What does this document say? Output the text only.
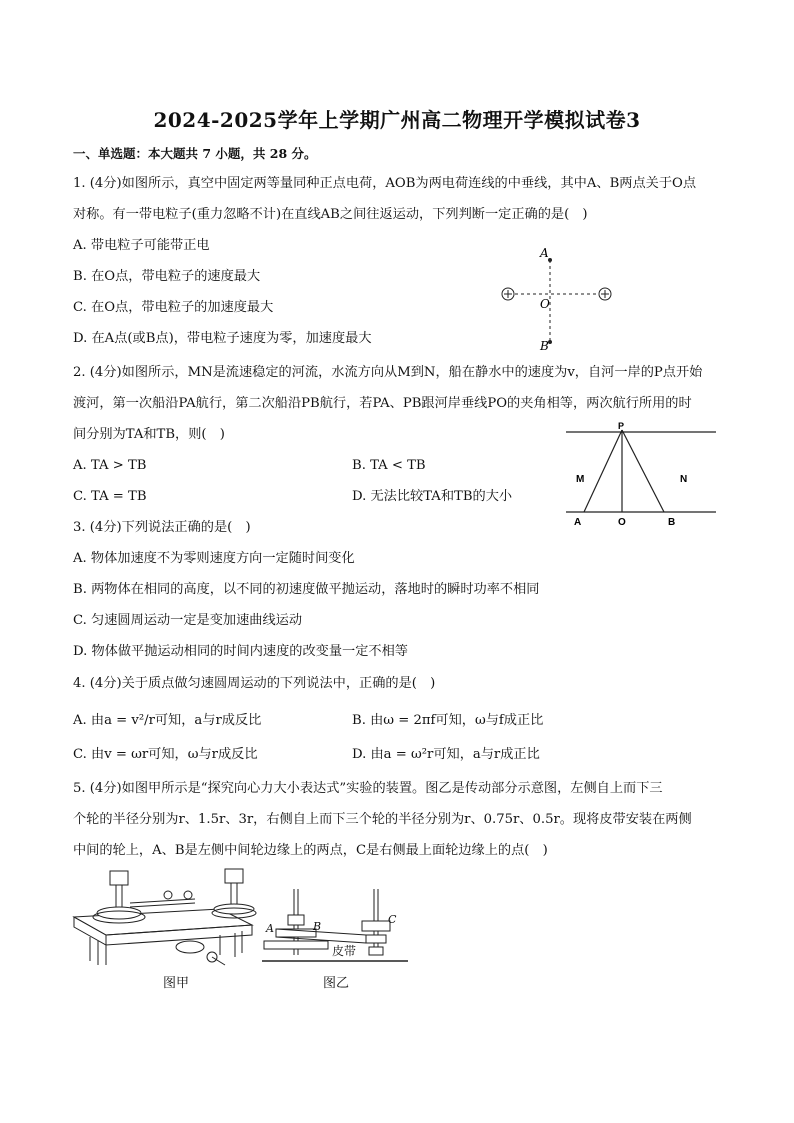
2024-2025学年上学期广州高二物理开学模拟试卷3
一、单选题：本大题共 7 小题，共 28 分。
1. (4分)如图所示，真空中固定两等量同种正点电荷，AOB为两电荷连线的中垂线，其中A、B两点关于O点
对称。有一带电粒子(重力忽略不计)在直线AB之间往返运动，下列判断一定正确的是(　)
A. 带电粒子可能带正电
B. 在O点，带电粒子的速度最大
C. 在O点，带电粒子的加速度最大
D. 在A点(或B点)，带电粒子速度为零，加速度最大
A
O
B
2. (4分)如图所示，MN是流速稳定的河流，水流方向从M到N，船在静水中的速度为v，自河一岸的P点开始
渡河，第一次船沿PA航行，第二次船沿PB航行，若PA、PB跟河岸垂线PO的夹角相等，两次航行所用的时
间分别为TA和TB，则(　)
A. TA > TB	B. TA < TB
C. TA = TB	D. 无法比较TA和TB的大小
P
M	N
A	O	B
3. (4分)下列说法正确的是(　)
A. 物体加速度不为零则速度方向一定随时间变化
B. 两物体在相同的高度，以不同的初速度做平抛运动，落地时的瞬时功率不相同
C. 匀速圆周运动一定是变加速曲线运动
D. 物体做平抛运动相同的时间内速度的改变量一定不相等
4. (4分)关于质点做匀速圆周运动的下列说法中，正确的是(　)
A. 由a = v²/r可知，a与r成反比	B. 由ω = 2πf可知，ω与f成正比
C. 由v = ωr可知，ω与r成反比	D. 由a = ω²r可知，a与r成正比
5. (4分)如图甲所示是“探究向心力大小表达式”实验的装置。图乙是传动部分示意图，左侧自上而下三
个轮的半径分别为r、1.5r、3r，右侧自上而下三个轮的半径分别为r、0.75r、0.5r。现将皮带安装在两侧
中间的轮上，A、B是左侧中间轮边缘上的两点，C是右侧最上面轮边缘上的点(　)
图甲
A	B
C
皮带
图乙
